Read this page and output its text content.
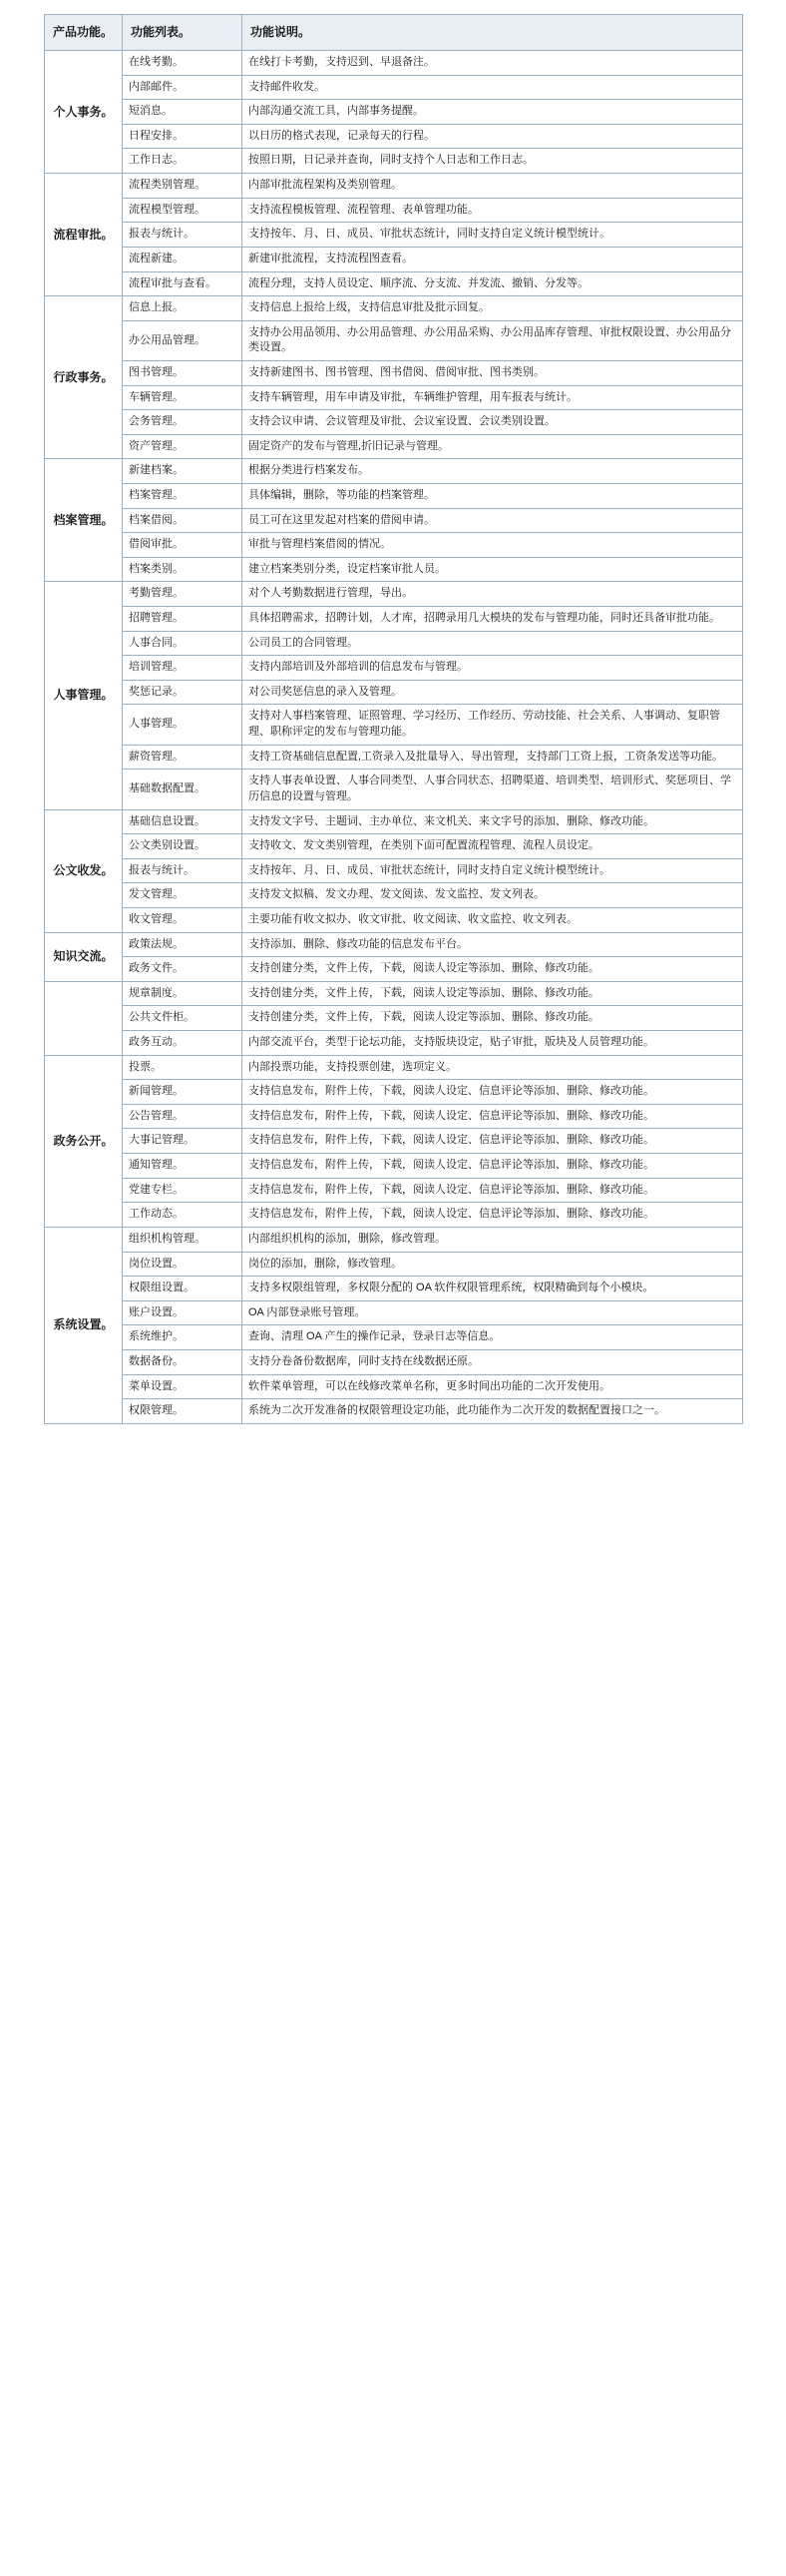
产品功能。	功能列表。	功能说明。
个人事务。	在线考勤。	在线打卡考勤，支持迟到、早退备注。
	内部邮件。	支持邮件收发。
	短消息。	内部沟通交流工具，内部事务提醒。
	日程安排。	以日历的格式表现，记录每天的行程。
	工作日志。	按照日期，日记录并查询，同时支持个人日志和工作日志。
流程审批。	流程类别管理。	内部审批流程架构及类别管理。
	流程模型管理。	支持流程模板管理、流程管理、表单管理功能。
	报表与统计。	支持按年、月、日、成员、审批状态统计，同时支持自定义统计模型统计。
	流程新建。	新建审批流程，支持流程图查看。
	流程审批与查看。	流程分理，支持人员设定、顺序流、分支流、并发流、撤销、分发等。
行政事务。	信息上报。	支持信息上报给上级，支持信息审批及批示回复。
	办公用品管理。	支持办公用品领用、办公用品管理、办公用品采购、办公用品库存管理、审批权限设置、办公用品分类设置。
	图书管理。	支持新建图书、图书管理、图书借阅、借阅审批、图书类别。
	车辆管理。	支持车辆管理，用车申请及审批，车辆维护管理，用车报表与统计。
	会务管理。	支持会议申请、会议管理及审批、会议室设置、会议类别设置。
	资产管理。	固定资产的发布与管理,折旧记录与管理。
档案管理。	新建档案。	根据分类进行档案发布。
	档案管理。	具体编辑，删除，等功能的档案管理。
	档案借阅。	员工可在这里发起对档案的借阅申请。
	借阅审批。	审批与管理档案借阅的情况。
	档案类别。	建立档案类别分类，设定档案审批人员。
人事管理。	考勤管理。	对个人考勤数据进行管理，导出。
	招聘管理。	具体招聘需求，招聘计划，人才库，招聘录用几大模块的发布与管理功能，同时还具备审批功能。
	人事合同。	公司员工的合同管理。
	培训管理。	支持内部培训及外部培训的信息发布与管理。
	奖惩记录。	对公司奖惩信息的录入及管理。
	人事管理。	支持对人事档案管理、证照管理、学习经历、工作经历、劳动技能、社会关系、人事调动、复职管理、职称评定的发布与管理功能。
	薪资管理。	支持工资基础信息配置,工资录入及批量导入、导出管理，支持部门工资上报，工资条发送等功能。
	基础数据配置。	支持人事表单设置、人事合同类型、人事合同状态、招聘渠道、培训类型、培训形式、奖惩项目、学历信息的设置与管理。
公文收发。	基础信息设置。	支持发文字号、主题词、主办单位、来文机关、来文字号的添加、删除、修改功能。
	公文类别设置。	支持收文、发文类别管理，在类别下面可配置流程管理、流程人员设定。
	报表与统计。	支持按年、月、日、成员、审批状态统计，同时支持自定义统计模型统计。
	发文管理。	支持发文拟稿、发文办理、发文阅读、发文监控、发文列表。
	收文管理。	主要功能有收文拟办、收文审批、收文阅读、收文监控、收文列表。
知识交流。	政策法规。	支持添加、删除、修改功能的信息发布平台。
	政务文件。	支持创建分类，文件上传，下载，阅读人设定等添加、删除、修改功能。
	规章制度。	支持创建分类，文件上传，下载，阅读人设定等添加、删除、修改功能。
	公共文件柜。	支持创建分类，文件上传，下载，阅读人设定等添加、删除、修改功能。
	政务互动。	内部交流平台，类型于论坛功能，支持版块设定，贴子审批，版块及人员管理功能。
政务公开。	投票。	内部投票功能，支持投票创建，选项定义。
	新闻管理。	支持信息发布，附件上传，下载，阅读人设定、信息评论等添加、删除、修改功能。
	公告管理。	支持信息发布，附件上传，下载，阅读人设定、信息评论等添加、删除、修改功能。
	大事记管理。	支持信息发布，附件上传，下载，阅读人设定、信息评论等添加、删除、修改功能。
	通知管理。	支持信息发布，附件上传，下载，阅读人设定、信息评论等添加、删除、修改功能。
	党建专栏。	支持信息发布，附件上传，下载，阅读人设定、信息评论等添加、删除、修改功能。
	工作动态。	支持信息发布，附件上传，下载，阅读人设定、信息评论等添加、删除、修改功能。
系统设置。	组织机构管理。	内部组织机构的添加，删除，修改管理。
	岗位设置。	岗位的添加，删除，修改管理。
	权限组设置。	支持多权限组管理，多权限分配的 OA 软件权限管理系统，权限精确到每个小模块。
	账户设置。	OA 内部登录账号管理。
	系统维护。	查询、清理 OA 产生的操作记录，登录日志等信息。
	数据备份。	支持分卷备份数据库，同时支持在线数据还原。
	菜单设置。	软件菜单管理，可以在线修改菜单名称，更多时间出功能的二次开发使用。
	权限管理。	系统为二次开发准备的权限管理设定功能，此功能作为二次开发的数据配置接口之一。
